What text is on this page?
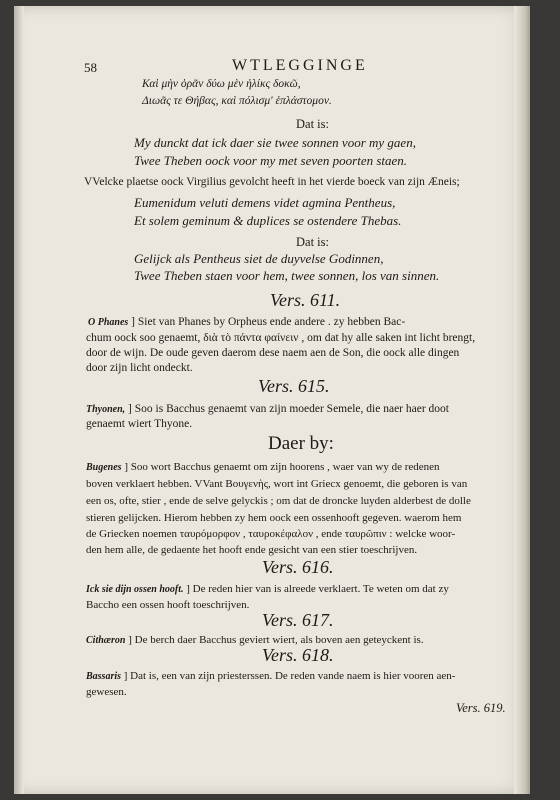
58	WTLEGGINGE
Καὶ μὴν ὁρᾶν δύω μὲν ἡλίκς δοκῶ,
Διωᾶς τε Θήβας, καὶ πόλισμ' ἑπλάστομον.
Dat is:
My dunckt dat ick daer sie twee sonnen voor my gaen,
Twee Theben oock voor my met seven poorten staen.
VVelcke plaetse oock Virgilius gevolcht heeft in het vierde boeck van zijn Æneis;
Eumenidum veluti demens videt agmina Pentheus,
Et solem geminum & duplices se ostendere Thebas.
Dat is:
Gelijck als Pentheus siet de duyvelse Godinnen,
Twee Theben staen voor hem, twee sonnen, los van sinnen.
Vers. 611.
O Phanes ] Siet van Phanes by Orpheus ende andere . zy hebben Bac-
chum oock soo genaemt, διὰ τὸ πάντα φαίνειν , om dat hy alle saken int licht brengt,
door de wijn. De oude geven daerom dese naem aen de Son, die oock alle dingen
door zijn licht ondeckt.
Vers. 615.
Thyonen, ] Soo is Bacchus genaemt van zijn moeder Semele, die naer haer doot
genaemt wiert Thyone.
Daer by:
Bugenes ] Soo wort Bacchus genaemt om zijn hoorens , waer van wy de redenen
boven verklaert hebben. VVant Βουγενὴς, wort int Griecx genoemt, die geboren is van
een os, ofte, stier , ende de selve gelyckis ; om dat de droncke luyden alderbest de dolle
stieren gelijcken. Hierom hebben zy hem oock een ossenhooft gegeven. waerom hem
de Griecken noemen ταυρόμορφον , ταυροκέφαλον , ende ταυρῶπιν : welcke woor-
den hem alle, de gedaente het hooft ende gesicht van een stier toeschrijven.
Vers. 616.
Ick sie dijn ossen hooft. ] De reden hier van is alreede verklaert. Te weten om dat zy
Baccho een ossen hooft toeschrijven.
Vers. 617.
Cithæron ] De berch daer Bacchus geviert wiert, als boven aen geteyckent is.
Vers. 618.
Bassaris ] Dat is, een van zijn priesterssen. De reden vande naem is hier vooren aen-
gewesen.
Vers. 619.
